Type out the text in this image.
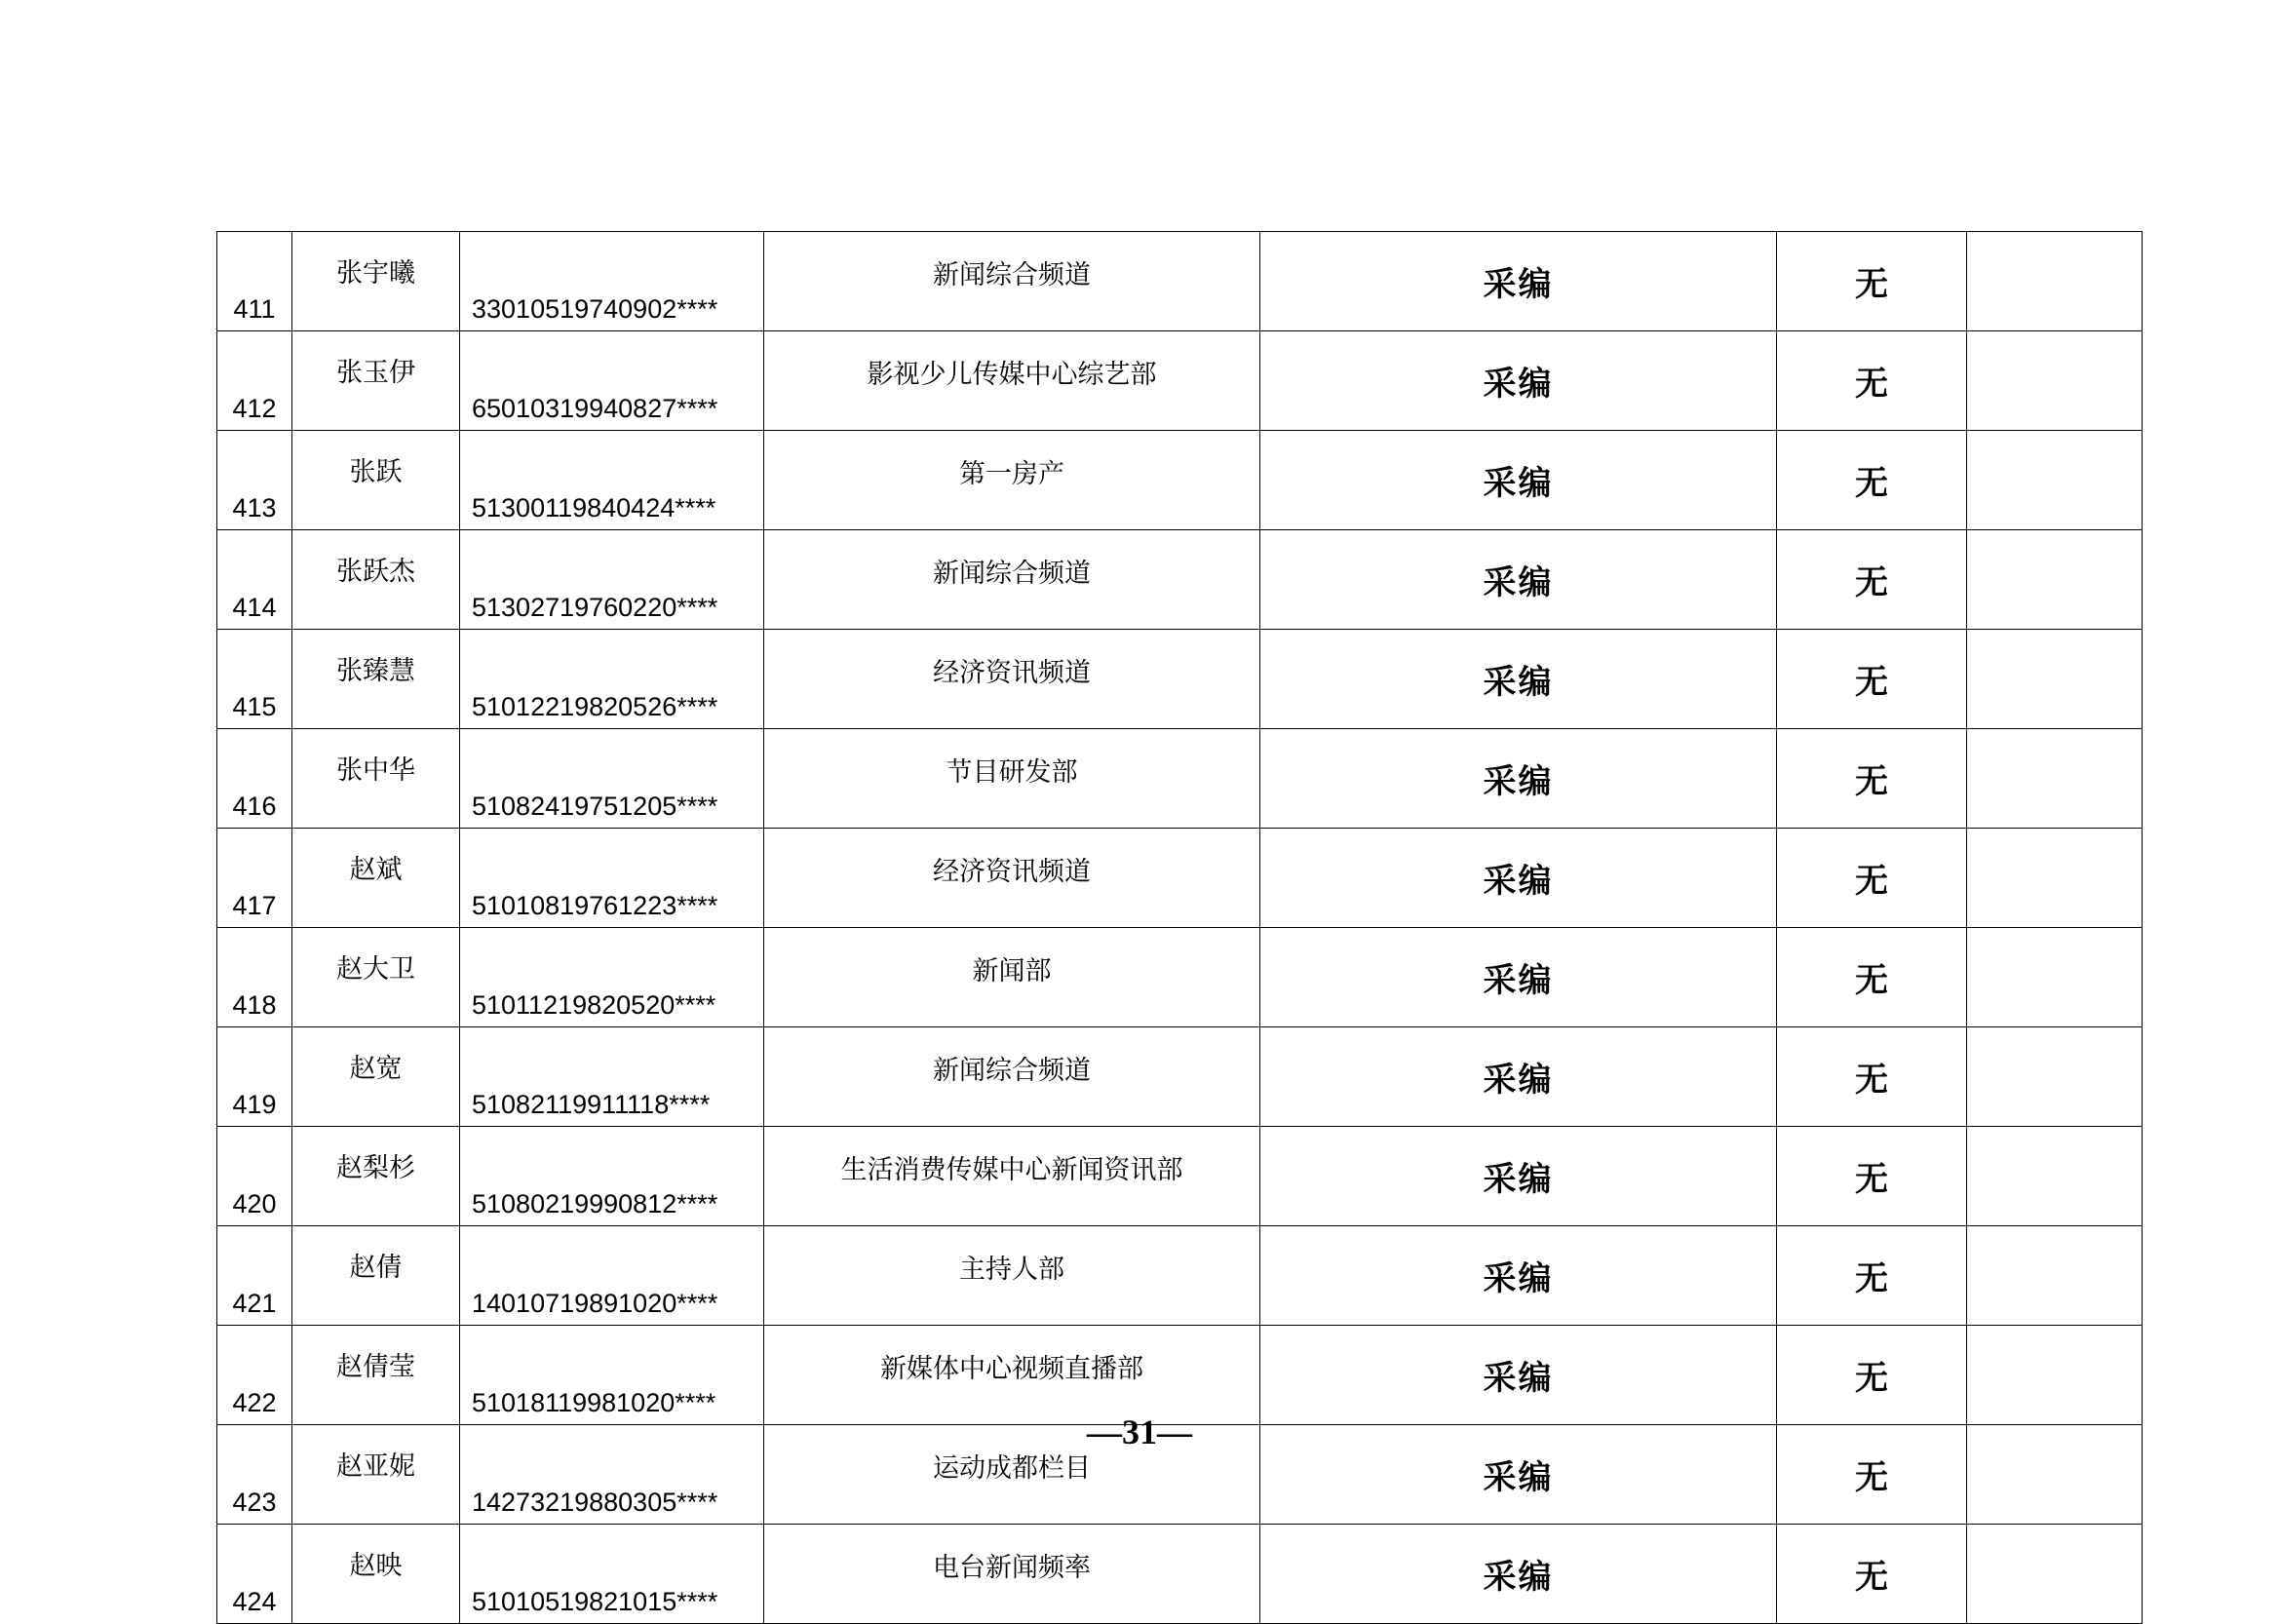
411	张宇曦	33010519740902****	新闻综合频道	采编	无	
412	张玉伊	65010319940827****	影视少儿传媒中心综艺部	采编	无	
413	张跃	51300119840424****	第一房产	采编	无	
414	张跃杰	51302719760220****	新闻综合频道	采编	无	
415	张臻慧	51012219820526****	经济资讯频道	采编	无	
416	张中华	51082419751205****	节目研发部	采编	无	
417	赵斌	51010819761223****	经济资讯频道	采编	无	
418	赵大卫	51011219820520****	新闻部	采编	无	
419	赵宽	51082119911118****	新闻综合频道	采编	无	
420	赵梨杉	51080219990812****	生活消费传媒中心新闻资讯部	采编	无	
421	赵倩	14010719891020****	主持人部	采编	无	
422	赵倩莹	51018119981020****	新媒体中心视频直播部	采编	无	
423	赵亚妮	14273219880305****	运动成都栏目	采编	无	
424	赵映	51010519821015****	电台新闻频率	采编	无	
—31—
